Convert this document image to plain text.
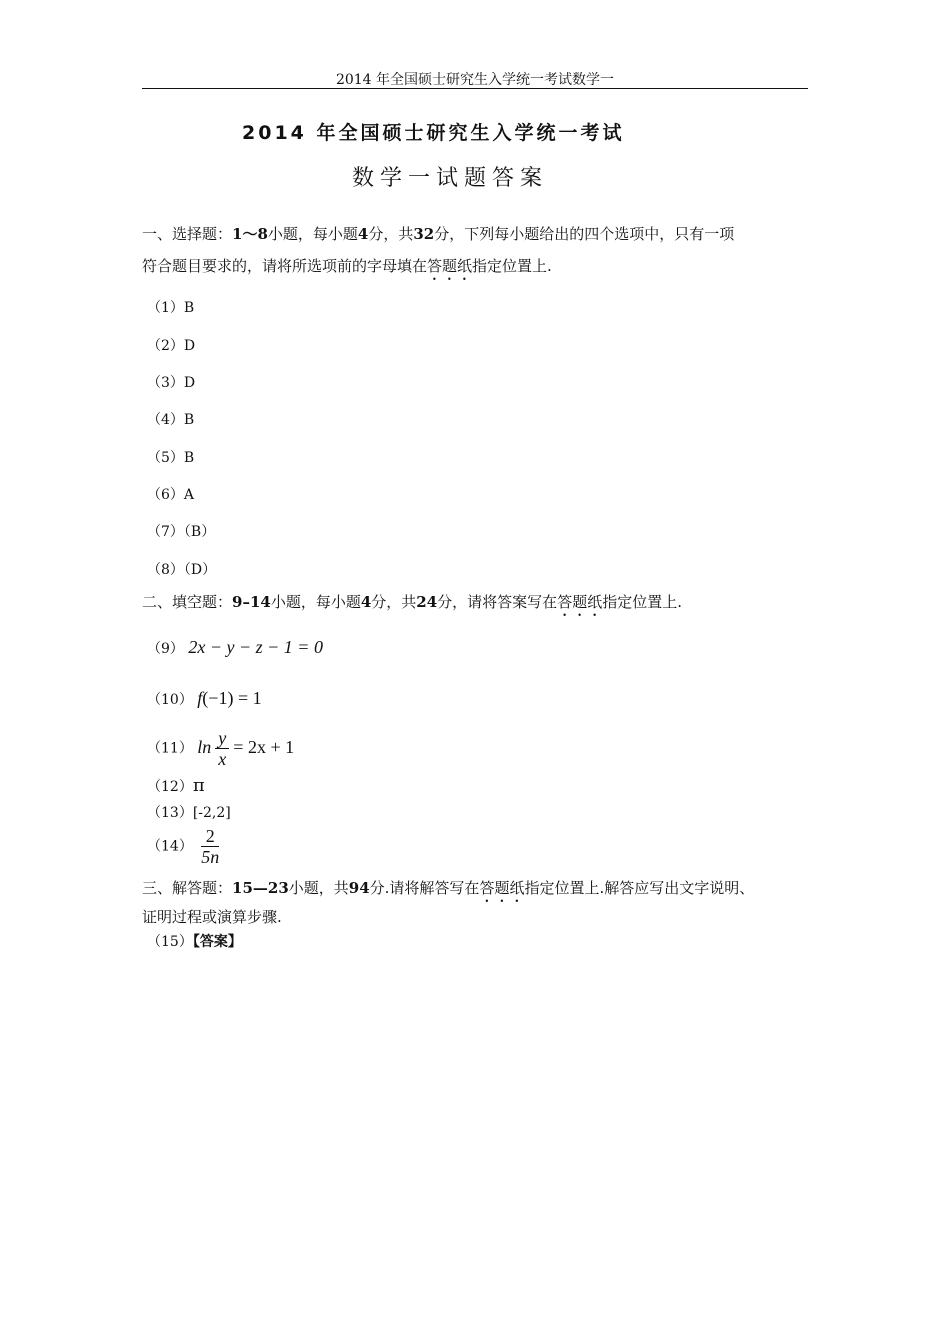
2014 年全国硕士研究生入学统一考试数学一
2014 年全国硕士研究生入学统一考试
数学一试题答案
一、选择题：1～8小题，每小题4分，共32分，下列每小题给出的四个选项中，只有一项
符合题目要求的，请将所选项前的字母填在答题纸指定位置上.
（1）B
（2）D
（3）D
（4）B
（5）B
（6）A
（7）（B）
（8）（D）
二、填空题：9–14小题，每小题4分，共24分，请将答案写在答题纸指定位置上.
（9） 2x − y − z − 1 = 0
（10） f(−1) = 1
（11） $\ln \frac{y}{x} = 2x + 1$
（12）π
（13）[-2,2]
$(14) \frac{2}{5n}$
三、解答题：15—23小题，共94分.请将解答写在答题纸指定位置上.解答应写出文字说明、
证明过程或演算步骤.
（15）【答案】
